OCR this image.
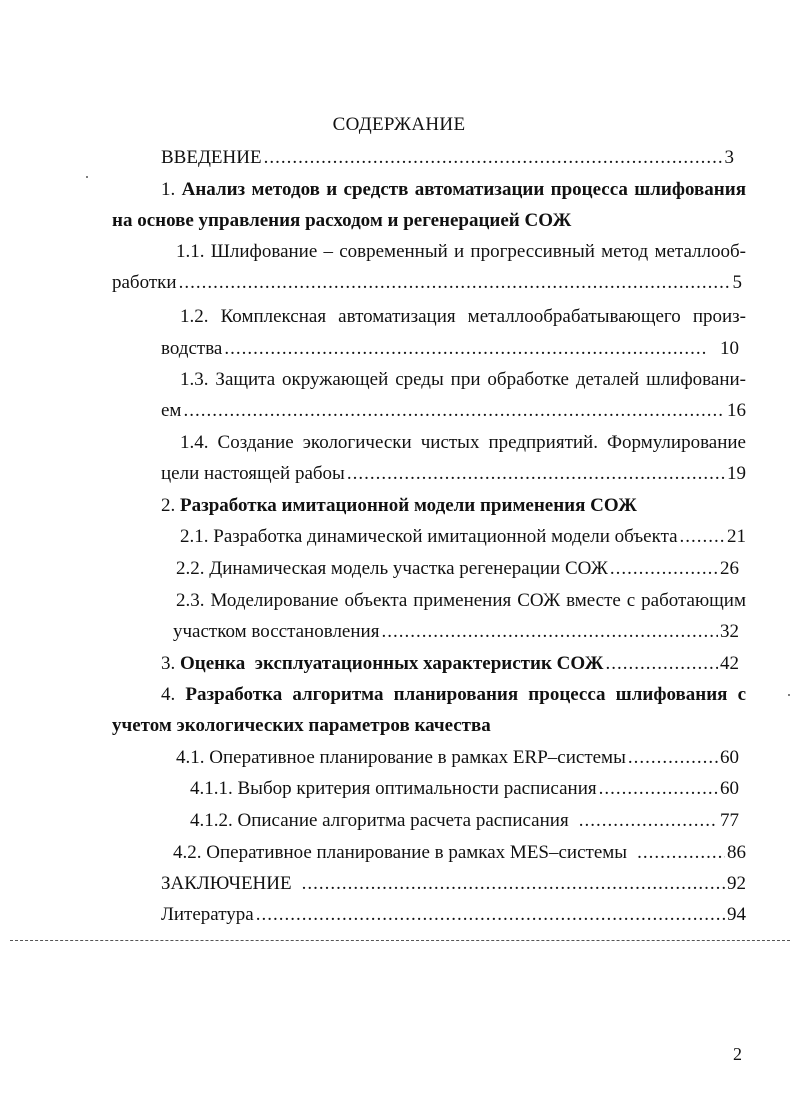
СОДЕРЖАНИЕ
ВВЕДЕНИЕ .....	3
1. Анализ методов и средств автоматизации процесса шлифования
на основе управления расходом и регенерацией СОЖ
1.1. Шлифование – современный и прогрессивный метод металлооб-
работки .....	5
1.2. Комплексная автоматизация металлообрабатывающего произ-
водства .....	10
1.3. Защита окружающей среды при обработке деталей шлифовани-
ем .....	16
1.4. Создание экологически чистых предприятий. Формулирование
цели настоящей рабоы .....	19
2. Разработка имитационной модели применения СОЖ
2.1. Разработка динамической имитационной модели объекта .....	21
2.2. Динамическая модель участка регенерации СОЖ .....	26
2.3. Моделирование объекта применения СОЖ вместе с работающим
участком восстановления .....	32
3. Оценка  эксплуатационных характеристик СОЖ .....	42
4. Разработка алгоритма планирования процесса шлифования с
учетом экологических параметров качества
4.1. Оперативное планирование в рамках ERP–системы .....	60
4.1.1. Выбор критерия оптимальности расписания .....	60
4.1.2. Описание алгоритма расчета расписания .....	77
4.2. Оперативное планирование в рамках MES–системы .....	86
ЗАКЛЮЧЕНИЕ .....	92
Литература .....	94
2
